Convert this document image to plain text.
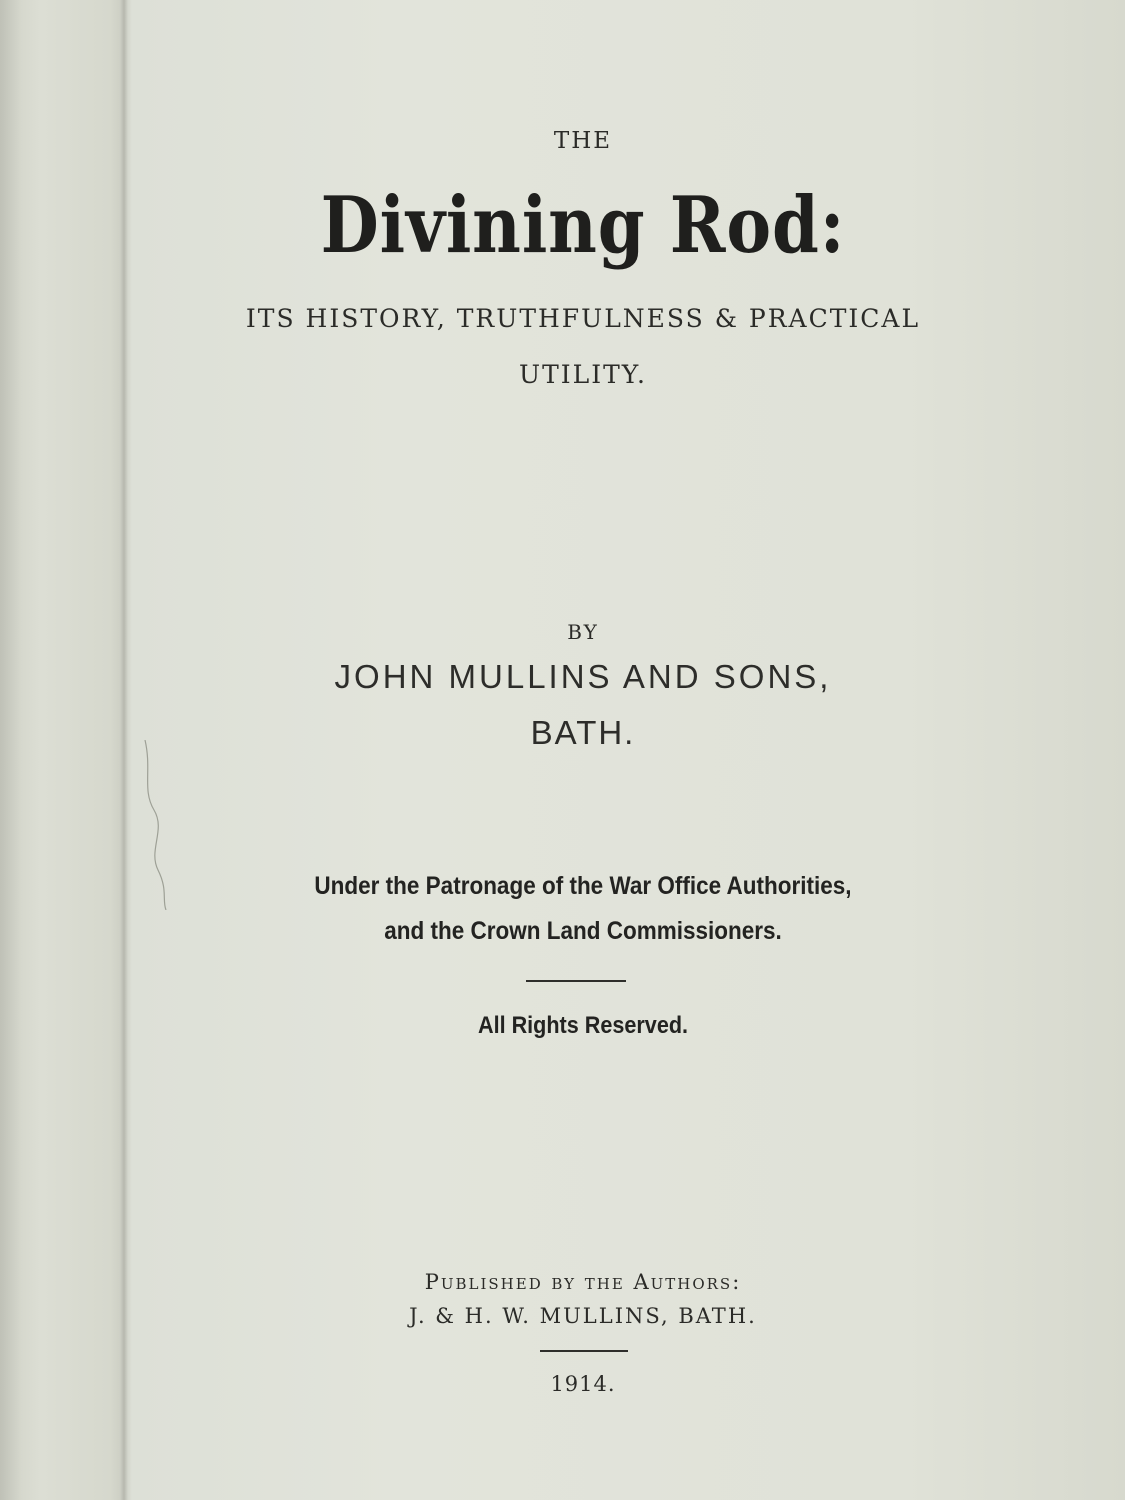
THE
Divining Rod:
ITS HISTORY, TRUTHFULNESS & PRACTICAL
UTILITY.
BY
JOHN MULLINS AND SONS,
BATH.
Under the Patronage of the War Office Authorities,
and the Crown Land Commissioners.
All Rights Reserved.
Published by the Authors:
J. & H. W. MULLINS, BATH.
1914.
